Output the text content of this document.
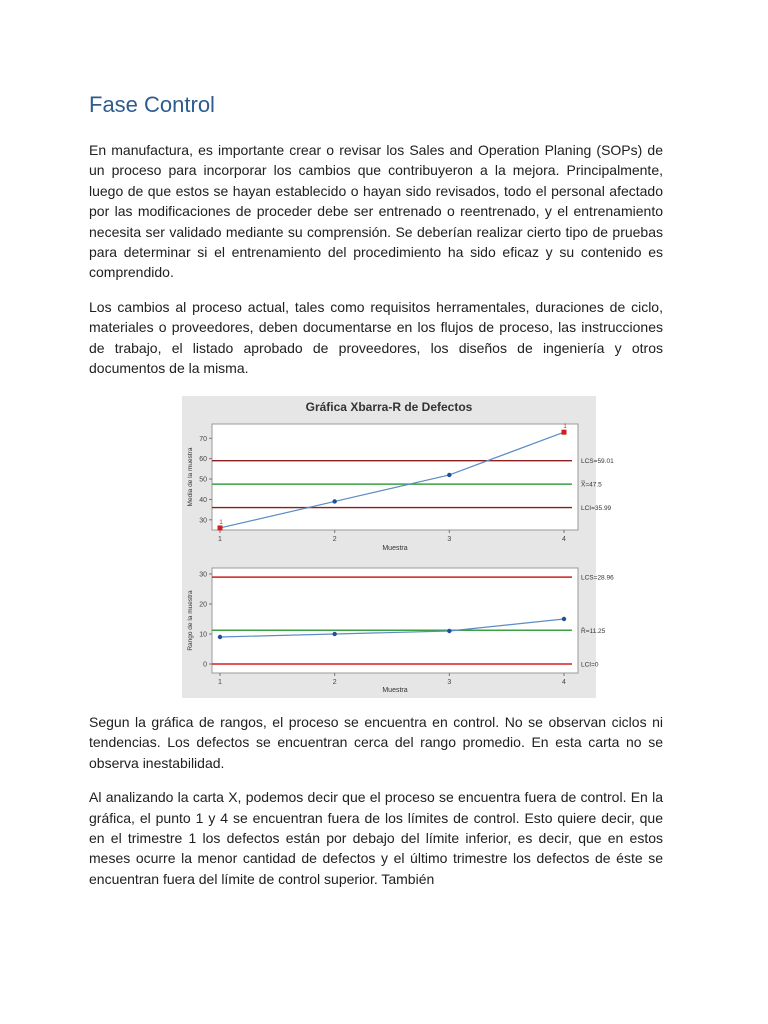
Fase Control

En manufactura, es importante crear o revisar los Sales and Operation Planing (SOPs) de un proceso para incorporar los cambios que contribuyeron a la mejora. Principalmente, luego de que estos se hayan establecido o hayan sido revisados, todo el personal afectado por las modificaciones de proceder debe ser entrenado o reentrenado, y el entrenamiento necesita ser validado mediante su comprensión. Se deberían realizar cierto tipo de pruebas para determinar si el entrenamiento del procedimiento ha sido eficaz y su contenido es comprendido.

Los cambios al proceso actual, tales como requisitos herramentales, duraciones de ciclo, materiales o proveedores, deben documentarse en los flujos de proceso, las instrucciones de trabajo, el listado aprobado de proveedores, los diseños de ingeniería y otros documentos de la misma.

Gráfica Xbarra-R de Defectos
30
40
50
60
70
1	2	3	4
Muestra
Media de la muestra	LCS=59.01
X̿=47.5
LCI=35.99
1
1
0
10
20
30
1	2	3	4
Muestra
Rango de la muestra
LCS=28.96
R̄=11.25
LCI=0

Segun la gráfica de rangos, el proceso se encuentra en control. No se observan ciclos ni tendencias. Los defectos se encuentran cerca del rango promedio. En esta carta no se observa inestabilidad.

Al analizando la carta X, podemos decir que el proceso se encuentra fuera de control. En la gráfica, el punto 1 y 4 se encuentran fuera de los límites de control. Esto quiere decir, que en el trimestre 1 los defectos están por debajo del límite inferior, es decir, que en estos meses ocurre la menor cantidad de defectos y el último trimestre los defectos de éste se encuentran fuera del límite de control superior. También
